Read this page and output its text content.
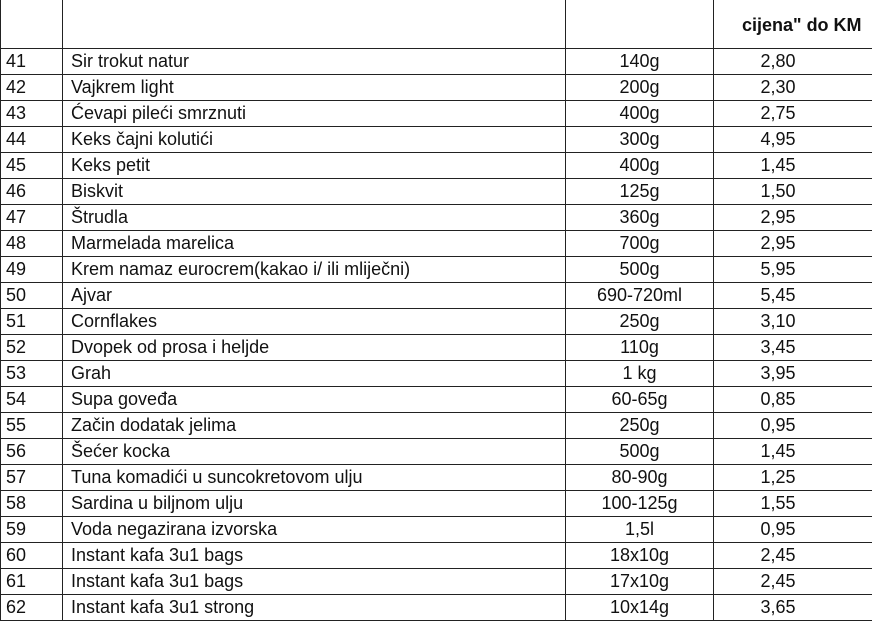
			cijena" do KM
41	Sir trokut natur	140g	2,80
42	Vajkrem light	200g	2,30
43	Ćevapi pileći smrznuti	400g	2,75
44	Keks čajni kolutići	300g	4,95
45	Keks petit	400g	1,45
46	Biskvit	125g	1,50
47	Štrudla	360g	2,95
48	Marmelada marelica	700g	2,95
49	Krem namaz eurocrem(kakao i/ ili mliječni)	500g	5,95
50	Ajvar	690-720ml	5,45
51	Cornflakes	250g	3,10
52	Dvopek od prosa i heljde	110g	3,45
53	Grah	1 kg	3,95
54	Supa goveđa	60-65g	0,85
55	Začin dodatak jelima	250g	0,95
56	Šećer kocka	500g	1,45
57	Tuna komadići u suncokretovom ulju	80-90g	1,25
58	Sardina u biljnom ulju	100-125g	1,55
59	Voda negazirana izvorska	1,5l	0,95
60	Instant kafa 3u1 bags	18x10g	2,45
61	Instant kafa 3u1 bags	17x10g	2,45
62	Instant kafa 3u1 strong	10x14g	3,65
